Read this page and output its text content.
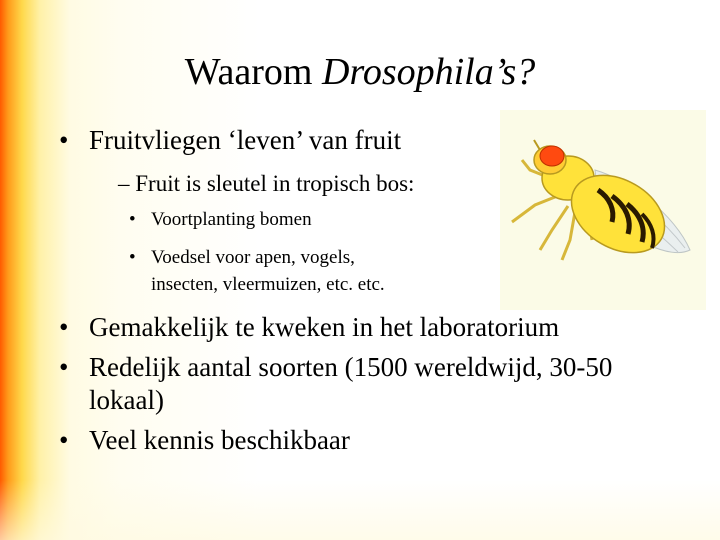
Waarom Drosophila’s?
• Fruitvliegen ‘leven’ van fruit
– Fruit is sleutel in tropisch bos:
• Voortplanting bomen
• Voedsel voor apen, vogels,
insecten, vleermuizen, etc. etc.
• Gemakkelijk te kweken in het laboratorium
• Redelijk aantal soorten (1500 wereldwijd, 30-50
lokaal)
• Veel kennis beschikbaar
